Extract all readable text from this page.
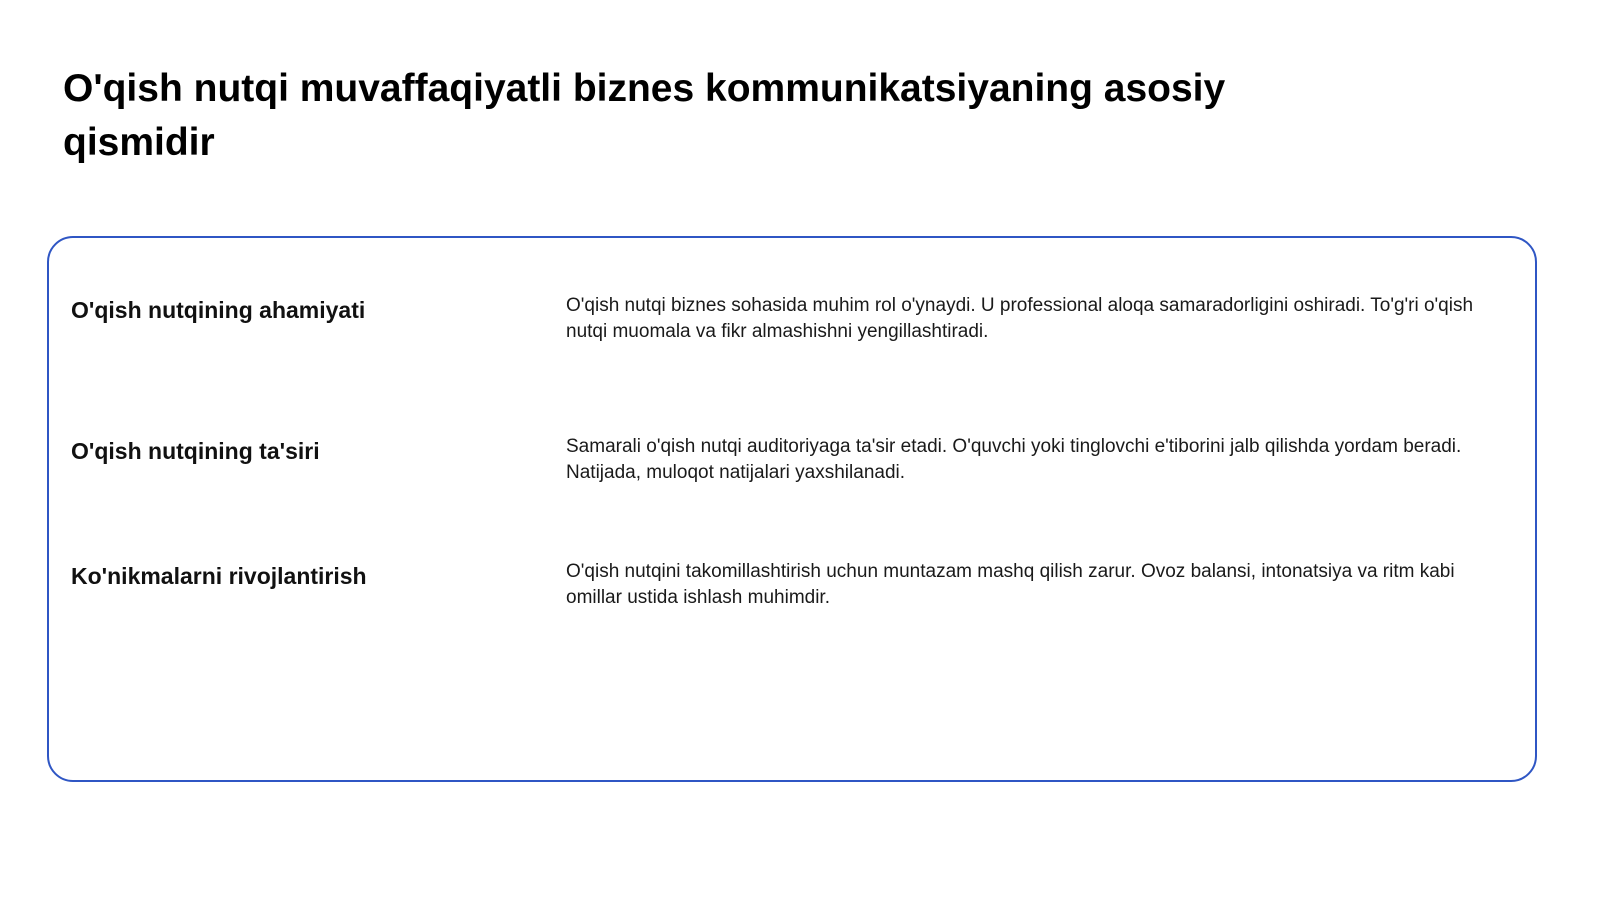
O'qish nutqi muvaffaqiyatli biznes kommunikatsiyaning asosiy qismidir
O'qish nutqining ahamiyati	O'qish nutqi biznes sohasida muhim rol o'ynaydi. U professional aloqa samaradorligini oshiradi. To'g'ri o'qish nutqi muomala va fikr almashishni yengillashtiradi.
O'qish nutqining ta'siri	Samarali o'qish nutqi auditoriyaga ta'sir etadi. O'quvchi yoki tinglovchi e'tiborini jalb qilishda yordam beradi. Natijada, muloqot natijalari yaxshilanadi.
Ko'nikmalarni rivojlantirish	O'qish nutqini takomillashtirish uchun muntazam mashq qilish zarur. Ovoz balansi, intonatsiya va ritm kabi omillar ustida ishlash muhimdir.
